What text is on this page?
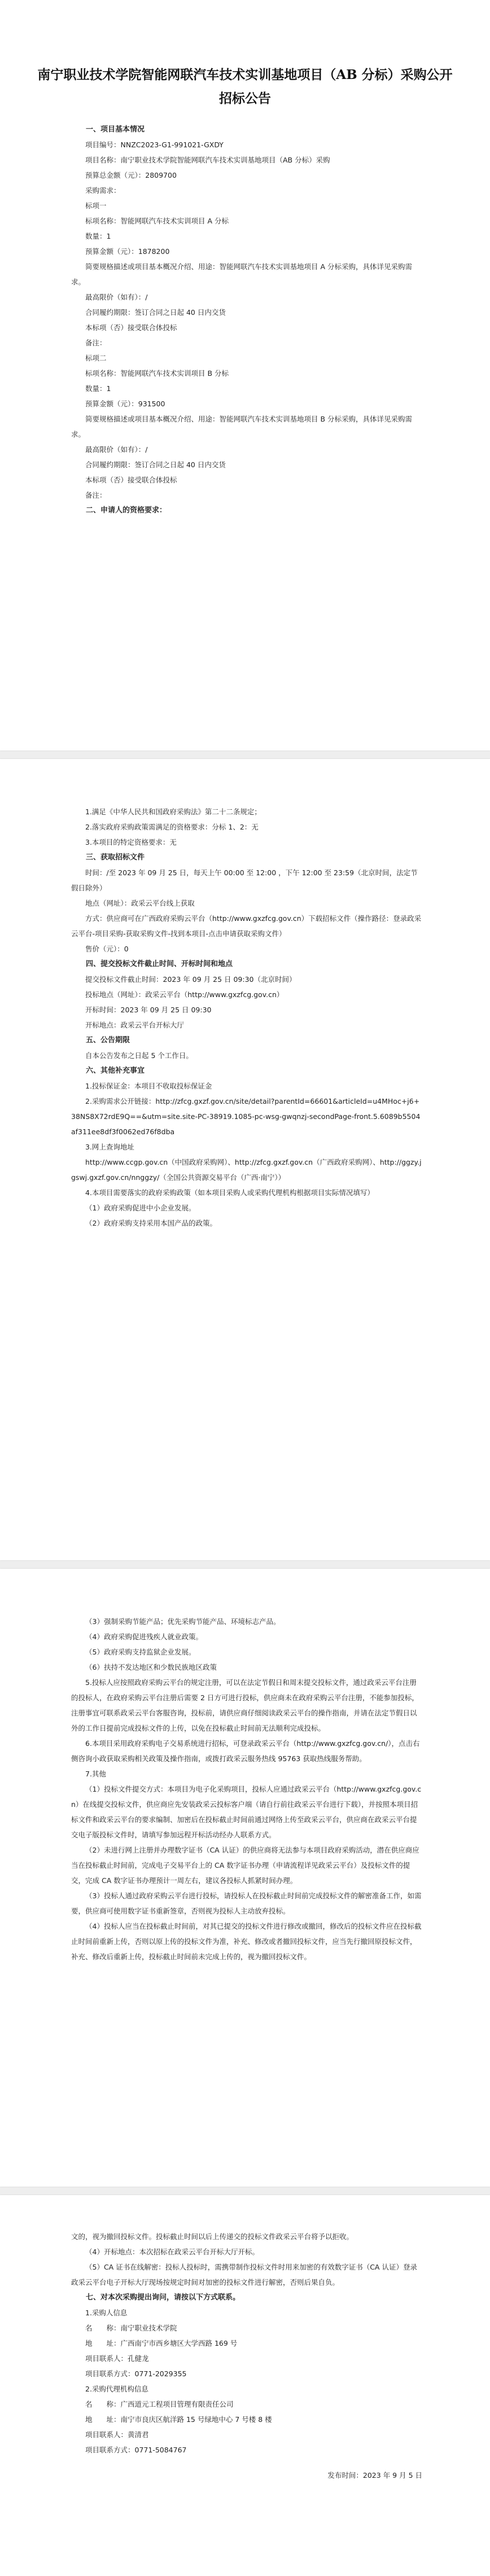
南宁职业技术学院智能网联汽车技术实训基地项目（AB 分标）采购公开招标公告

一、项目基本情况

项目编号：NNZC2023-G1-991021-GXDY

项目名称：南宁职业技术学院智能网联汽车技术实训基地项目（AB 分标）采购

预算总金额（元）：2809700

采购需求：

标项一

标项名称：智能网联汽车技术实训项目 A 分标

数量：1

预算金额（元）：1878200

简要规格描述或项目基本概况介绍、用途：智能网联汽车技术实训基地项目 A 分标采购，具体详见采购需求。

最高限价（如有）：/

合同履约期限：签订合同之日起 40 日内交货

本标项（否）接受联合体投标

备注：

标项二

标项名称：智能网联汽车技术实训项目 B 分标

数量：1

预算金额（元）：931500

简要规格描述或项目基本概况介绍、用途：智能网联汽车技术实训基地项目 B 分标采购，具体详见采购需求。

最高限价（如有）：/

合同履约期限：签订合同之日起 40 日内交货

本标项（否）接受联合体投标

备注：

二、申请人的资格要求：

1.满足《中华人民共和国政府采购法》第二十二条规定；

2.落实政府采购政策需满足的资格要求：分标 1、2：无

3.本项目的特定资格要求：无

三、获取招标文件

时间：/至 2023 年 09 月 25 日，每天上午 00:00 至 12:00 ，下午 12:00 至 23:59（北京时间，法定节假日除外）

地点（网址）：政采云平台线上获取

方式：供应商可在广西政府采购云平台（http://www.gxzfcg.gov.cn）下载招标文件（操作路径：登录政采云平台-项目采购-获取采购文件-找到本项目-点击申请获取采购文件）

售价（元）：0

四、提交投标文件截止时间、开标时间和地点

提交投标文件截止时间：2023 年 09 月 25 日 09:30（北京时间）

投标地点（网址）：政采云平台（http://www.gxzfcg.gov.cn）

开标时间：2023 年 09 月 25 日 09:30

开标地点：政采云平台开标大厅

五、公告期限

自本公告发布之日起 5 个工作日。

六、其他补充事宜

1.投标保证金：本项目不收取投标保证金

2.采购需求公开链接：http://zfcg.gxzf.gov.cn/site/detail?parentId=66601&articleId=u4MHoc+j6+38NS8X72rdE9Q==&utm=site.site-PC-38919.1085-pc-wsg-gwqnzj-secondPage-front.5.6089b5504af311ee8df3f0062ed76f8dba

3.网上查询地址

http://www.ccgp.gov.cn（中国政府采购网）、http://zfcg.gxzf.gov.cn（广西政府采购网）、http://ggzy.jgswj.gxzf.gov.cn/nnggzy/（全国公共资源交易平台（广西·南宁））

4.本项目需要落实的政府采购政策（如本项目采购人或采购代理机构根据项目实际情况填写）

（1）政府采购促进中小企业发展。

（2）政府采购支持采用本国产品的政策。

（3）强制采购节能产品；优先采购节能产品、环境标志产品。

（4）政府采购促进残疾人就业政策。

（5）政府采购支持监狱企业发展。

（6）扶持不发达地区和少数民族地区政策

5.投标人应按照政府采购云平台的规定注册，可以在法定节假日和周末提交投标文件，通过政采云平台注册的投标人，在政府采购云平台注册后需要 2 日方可进行投标，供应商未在政府采购云平台注册，不能参加投标，注册事宜可联系政采云平台客服咨询，投标前，请供应商仔细阅读政采云平台的操作指南，并请在法定节假日以外的工作日提前完成投标文件的上传，以免在投标截止时间前无法顺利完成投标。

6.本项目采用政府采购电子交易系统进行招标，可登录政采云平台（http://www.gxzfcg.gov.cn/），点击右侧咨询小政获取采购相关政策及操作指南，或拨打政采云服务热线 95763 获取热线服务帮助。

7.其他

（1）投标文件提交方式：本项目为电子化采购项目，投标人应通过政采云平台（http://www.gxzfcg.gov.cn）在线提交投标文件，供应商应先安装政采云投标客户端（请自行前往政采云平台进行下载），并按照本项目招标文件和政采云平台的要求编制、加密后在投标截止时间前通过网络上传至政采云平台，供应商在政采云平台提交电子版投标文件时，请填写参加远程开标活动经办人联系方式。

（2）未进行网上注册并办理数字证书（CA 认证）的供应商将无法参与本项目政府采购活动，潜在供应商应当在投标截止时间前，完成电子交易平台上的 CA 数字证书办理（申请流程详见政采云平台）及投标文件的提交，完成 CA 数字证书办理预计一周左右，建议各投标人抓紧时间办理。

（3）投标人通过政府采购云平台进行投标，请投标人在投标截止时间前完成投标文件的解密准备工作，如需要，供应商可使用数字证书重新签章，否则视为投标人主动放弃投标。

（4）投标人应当在投标截止时间前，对其已提交的投标文件进行修改或撤回，修改后的投标文件应在投标截止时间前重新上传，否则以原上传的投标文件为准，补充、修改或者撤回投标文件，应当先行撤回原投标文件，补充、修改后重新上传，投标截止时间前未完成上传的，视为撤回投标文件。

文的，视为撤回投标文件。投标截止时间以后上传递交的投标文件政采云平台将予以拒收。

（4）开标地点：本次招标在政采云平台开标大厅开标。

（5）CA 证书在线解密：投标人投标时，需携带制作投标文件时用来加密的有效数字证书（CA 认证）登录政采云平台电子开标大厅现场按规定时间对加密的投标文件进行解密，否则后果自负。

七、对本次采购提出询问，请按以下方式联系。

1.采购人信息

名　　称：南宁职业技术学院

地　　址：广西南宁市西乡塘区大学西路 169 号

项目联系人：孔健龙

项目联系方式：0771-2029355

2.采购代理机构信息

名　　称：广西道元工程项目管理有限责任公司

地　　址：南宁市良庆区航洋路 15 号绿地中心 7 号楼 8 楼

项目联系人：黄清君

项目联系方式：0771-5084767

发布时间：2023 年 9 月 5 日
